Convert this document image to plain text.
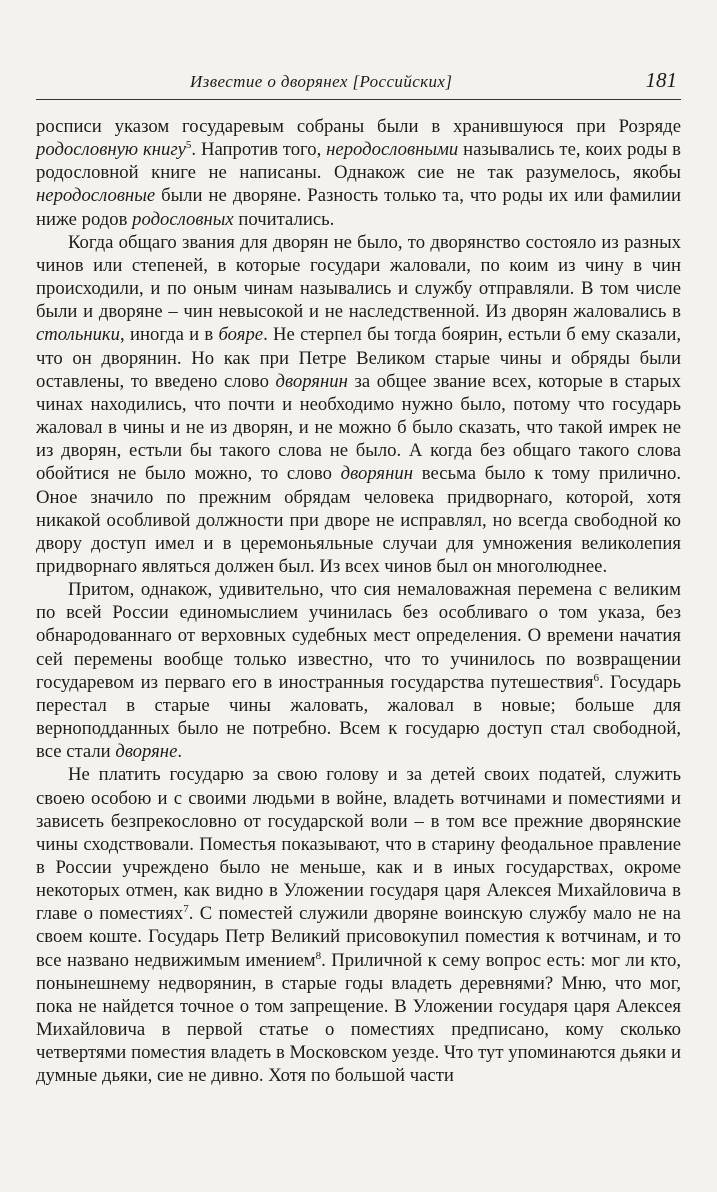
Известие о дворянех [Российских]	181

росписи указом государевым собраны были в хранившуюся при Розряде родословную книгу$^5$. Напротив того, неродословными назывались те, коих роды в родословной книге не написаны. Однакож сие не так разумелось, якобы неродословные были не дворяне. Разность только та, что роды их или фамилии ниже родов родословных почитались.

Когда общаго звания для дворян не было, то дворянство состояло из разных чинов или степеней, в которые государи жаловали, по коим из чину в чин происходили, и по оным чинам назывались и службу отправляли. В том числе были и дворяне – чин невысокой и не наследственной. Из дворян жаловались в стольники, иногда и в бояре. Не стерпел бы тогда боярин, естьли б ему сказали, что он дворянин. Но как при Петре Великом старые чины и обряды были оставлены, то введено слово дворянин за общее звание всех, которые в старых чинах находились, что почти и необходимо нужно было, потому что государь жаловал в чины и не из дворян, и не можно б было сказать, что такой имрек не из дворян, естьли бы такого слова не было. А когда без общаго такого слова обойтися не было можно, то слово дворянин весьма было к тому прилично. Оное значило по прежним обрядам человека придворнаго, которой, хотя никакой особливой должности при дворе не исправлял, но всегда свободной ко двору доступ имел и в церемоньяльные случаи для умножения великолепия придворнаго являться должен был. Из всех чинов был он многолюднее.

Притом, однакож, удивительно, что сия немаловажная перемена с великим по всей России единомыслием учинилась без особливаго о том указа, без обнародованнаго от верховных судебных мест определения. О времени начатия сей перемены вообще только известно, что то учинилось по возвращении государевом из перваго его в иностранныя государства путешествия$^6$. Государь перестал в старые чины жаловать, жаловал в новые; больше для верноподданных было не потребно. Всем к государю доступ стал свободной, все стали дворяне.

Не платить государю за свою голову и за детей своих податей, служить своею особою и с своими людьми в войне, владеть вотчинами и поместиями и зависеть безпрекословно от государской воли – в том все прежние дворянские чины сходствовали. Поместья показывают, что в старину феодальное правление в России учреждено было не меньше, как и в иных государствах, окроме некоторых отмен, как видно в Уложении государя царя Алексея Михайловича в главе о поместиях$^7$. С поместей служили дворяне воинскую службу мало не на своем коште. Государь Петр Великий присовокупил поместия к вотчинам, и то все названо недвижимым имением$^8$. Приличной к сему вопрос есть: мог ли кто, понынешнему недворянин, в старые годы владеть деревнями? Мню, что мог, пока не найдется точное о том запрещение. В Уложении государя царя Алексея Михайловича в первой статье о поместиях предписано, кому сколько четвертями поместия владеть в Московском уезде. Что тут упоминаются дьяки и думные дьяки, сие не дивно. Хотя по большой части
